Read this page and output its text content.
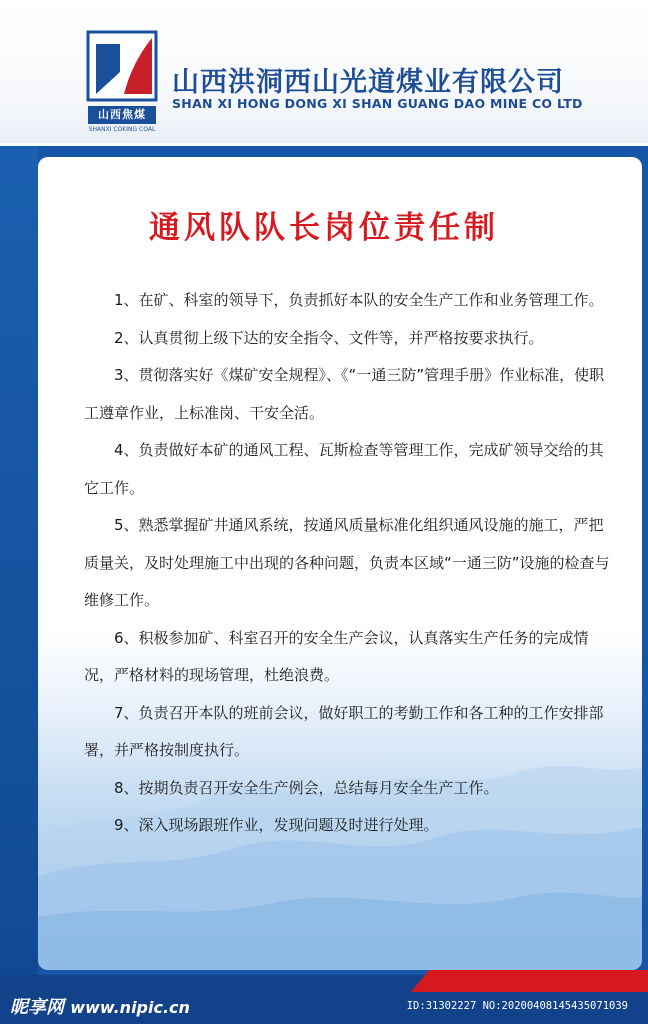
山西焦煤
SHANXI COKING COAL
山西洪洞西山光道煤业有限公司
SHAN XI HONG DONG XI SHAN GUANG DAO MINE CO LTD
通风队队长岗位责任制

1、在矿、科室的领导下，负责抓好本队的安全生产工作和业务管理工作。

2、认真贯彻上级下达的安全指令、文件等，并严格按要求执行。

3、贯彻落实好《煤矿安全规程》、《“一通三防”管理手册》作业标准，使职工遵章作业，上标准岗、干安全活。

4、负责做好本矿的通风工程、瓦斯检查等管理工作，完成矿领导交给的其它工作。

5、熟悉掌握矿井通风系统，按通风质量标准化组织通风设施的施工，严把质量关，及时处理施工中出现的各种问题，负责本区域“一通三防”设施的检查与维修工作。

6、积极参加矿、科室召开的安全生产会议，认真落实生产任务的完成情况，严格材料的现场管理，杜绝浪费。

7、负责召开本队的班前会议，做好职工的考勤工作和各工种的工作安排部署，并严格按制度执行。

8、按期负责召开安全生产例会，总结每月安全生产工作。

9、深入现场跟班作业，发现问题及时进行处理。

昵享网 www.nipic.cn	ID:31302227 NO:20200408145435071039
